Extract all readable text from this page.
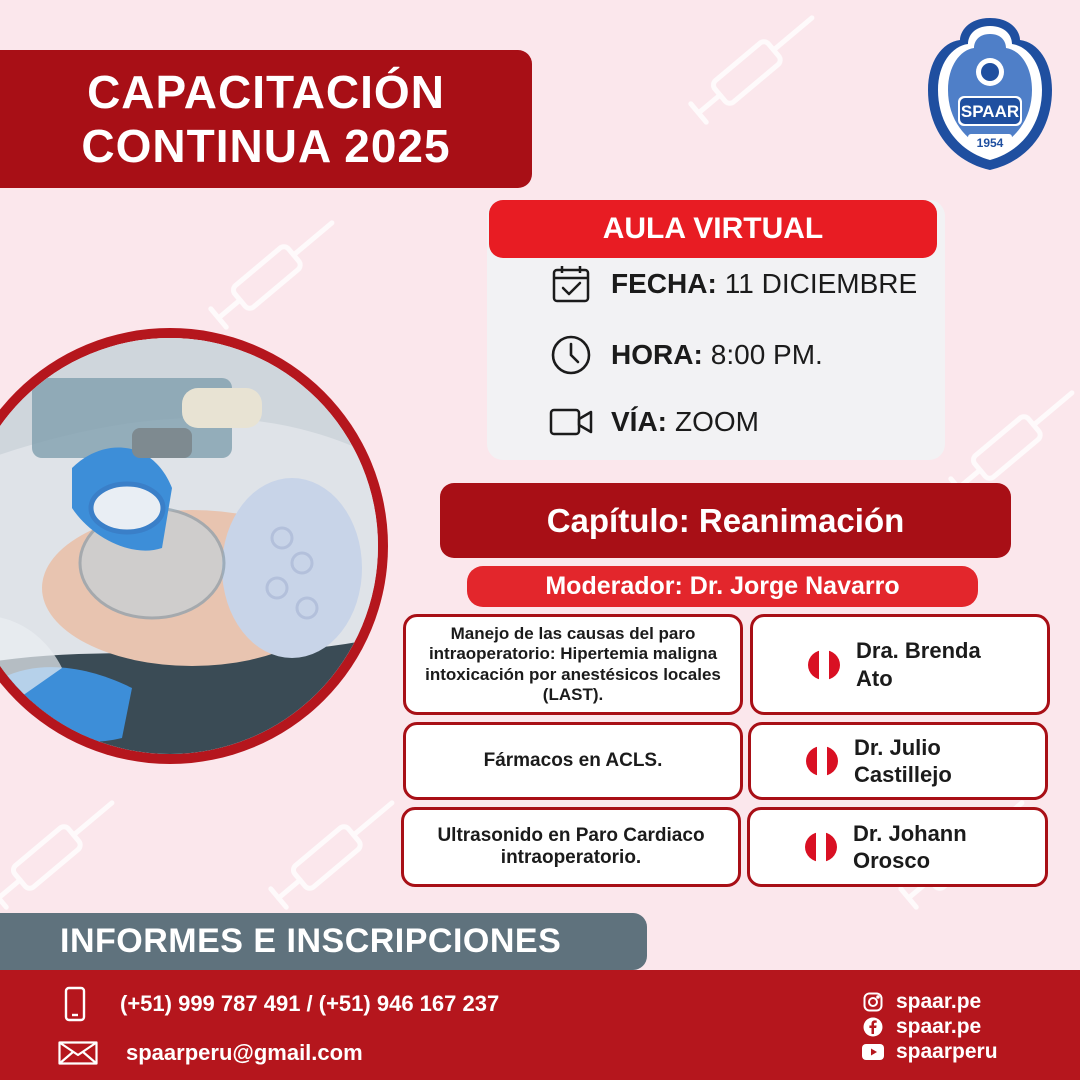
CAPACITACIÓN
CONTINUA 2025
SPAAR
1954
AULA VIRTUAL
FECHA: 11 DICIEMBRE
HORA: 8:00 PM.
VÍA: ZOOM
Capítulo: Reanimación
Moderador: Dr. Jorge Navarro
Manejo de las causas del paro intraoperatorio: Hipertemia maligna intoxicación por anestésicos locales (LAST).
Dra. Brenda
Ato
Fármacos en ACLS.
Dr. Julio
Castillejo
Ultrasonido en Paro Cardiaco intraoperatorio.
Dr. Johann
Orosco
INFORMES E INSCRIPCIONES
(+51) 999 787 491 / (+51) 946 167 237
spaarperu@gmail.com
spaar.pe
spaar.pe
spaarperu
